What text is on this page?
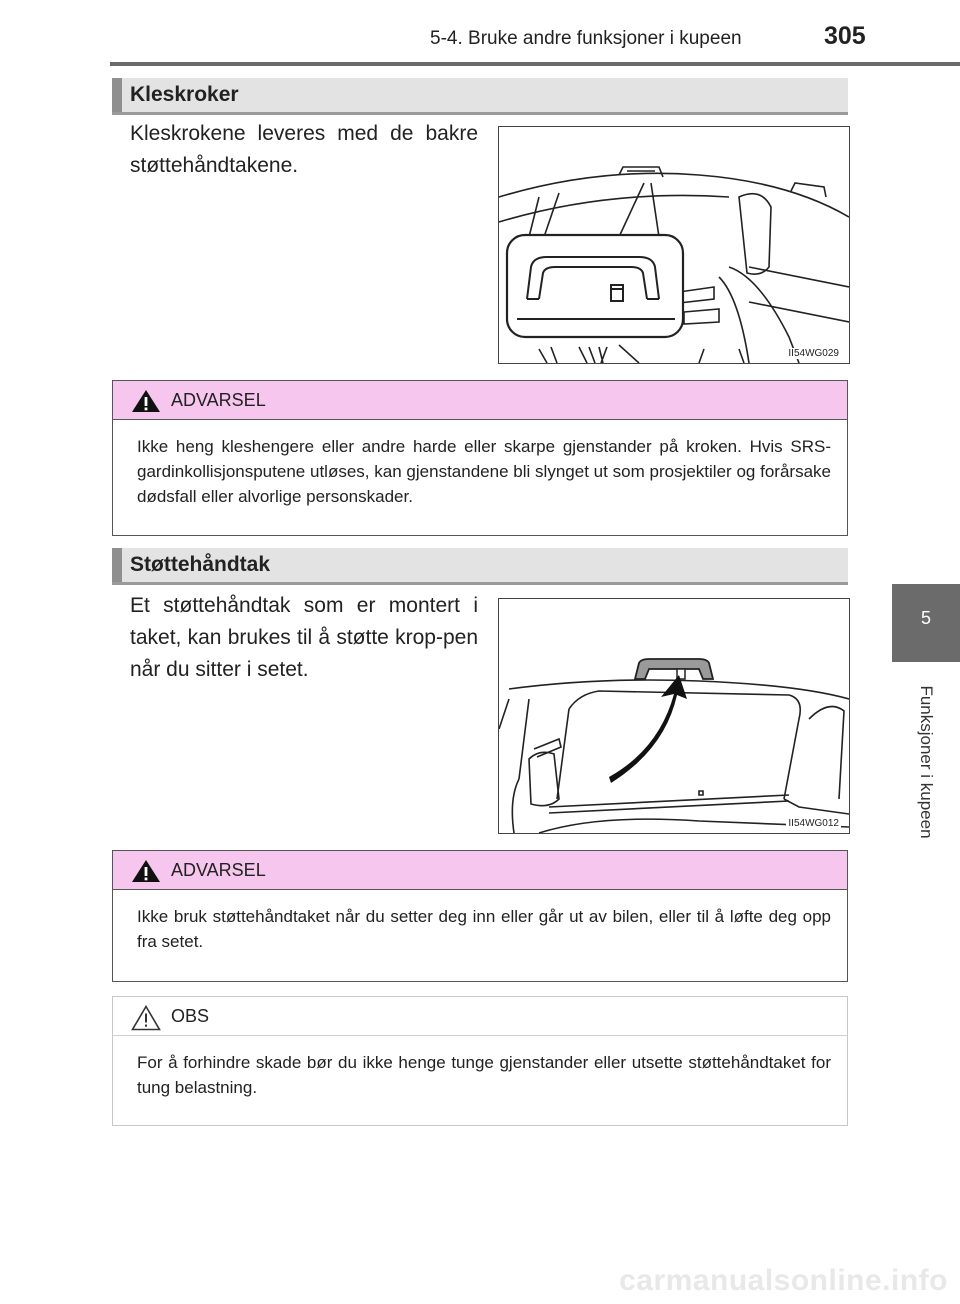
5-4. Bruke andre funksjoner i kupeen	305
5
Funksjoner i kupeen
Kleskroker
Kleskrokene leveres med de bakre støttehåndtakene.
II54WG029
ADVARSEL
Ikke heng kleshengere eller andre harde eller skarpe gjenstander på kroken. Hvis SRS-gardinkollisjonsputene utløses, kan gjenstandene bli slynget ut som prosjektiler og forårsake dødsfall eller alvorlige personskader.
Støttehåndtak
Et støttehåndtak som er montert i taket, kan brukes til å støtte krop-pen når du sitter i setet.
II54WG012
ADVARSEL
Ikke bruk støttehåndtaket når du setter deg inn eller går ut av bilen, eller til å løfte deg opp fra setet.
OBS
For å forhindre skade bør du ikke henge tunge gjenstander eller utsette støttehåndtaket for tung belastning.
carmanualsonline.info
